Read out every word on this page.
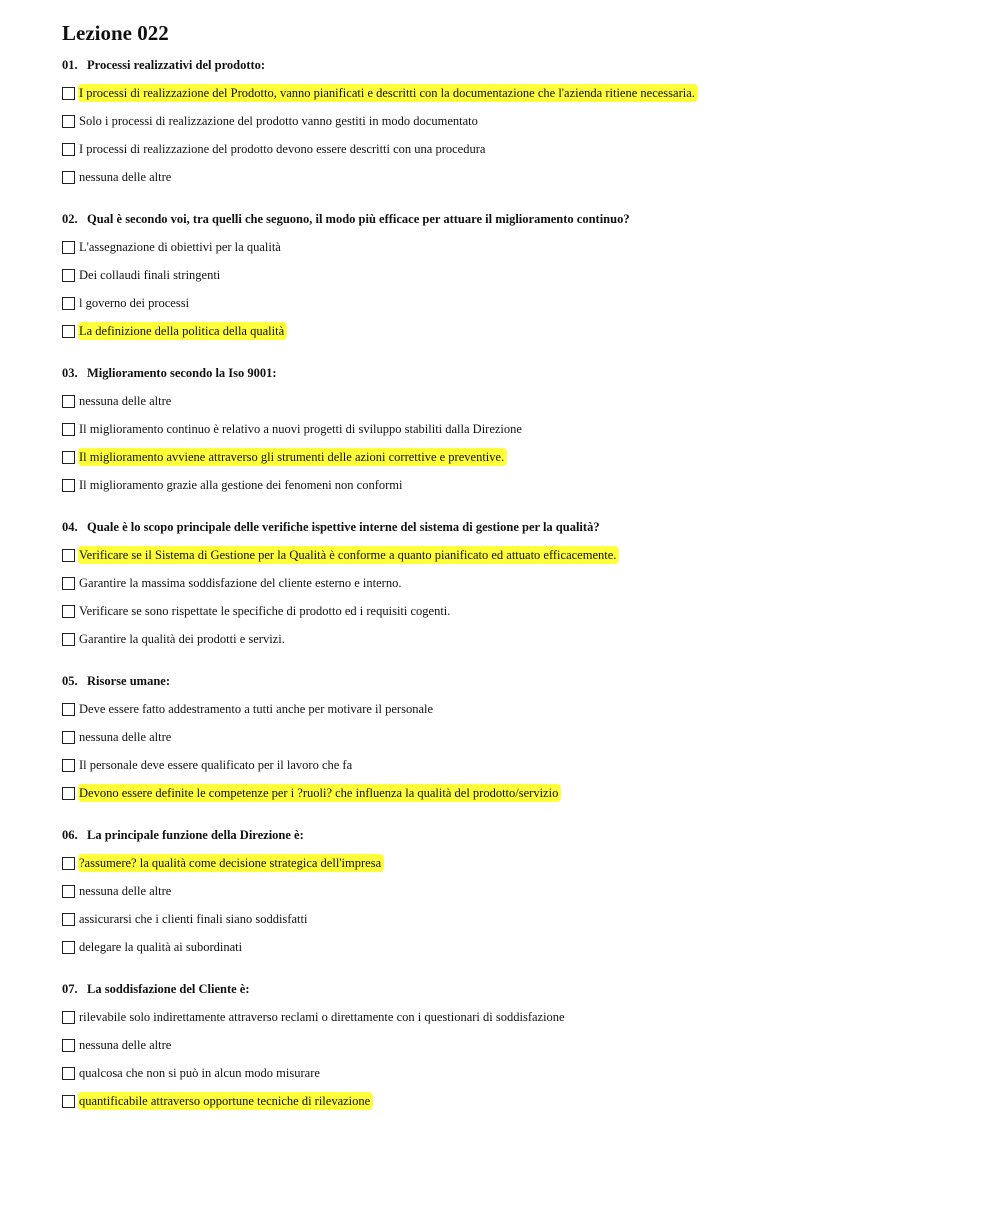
Lezione 022
01. Processi realizzativi del prodotto:
I processi di realizzazione del Prodotto, vanno pianificati e descritti con la documentazione che l'azienda ritiene necessaria.
Solo i processi di realizzazione del prodotto vanno gestiti in modo documentato
I processi di realizzazione del prodotto devono essere descritti con una procedura
nessuna delle altre
02. Qual è secondo voi, tra quelli che seguono, il modo più efficace per attuare il miglioramento continuo?
L'assegnazione di obiettivi per la qualità
Dei collaudi finali stringenti
l governo dei processi
La definizione della politica della qualità
03. Miglioramento secondo la Iso 9001:
nessuna delle altre
Il miglioramento continuo è relativo a nuovi progetti di sviluppo stabiliti dalla Direzione
Il miglioramento avviene attraverso gli strumenti delle azioni correttive e preventive.
Il miglioramento grazie alla gestione dei fenomeni non conformi
04. Quale è lo scopo principale delle verifiche ispettive interne del sistema di gestione per la qualità?
Verificare se il Sistema di Gestione per la Qualità è conforme a quanto pianificato ed attuato efficacemente.
Garantire la massima soddisfazione del cliente esterno e interno.
Verificare se sono rispettate le specifiche di prodotto ed i requisiti cogenti.
Garantire la qualità dei prodotti e servizi.
05. Risorse umane:
Deve essere fatto addestramento a tutti anche per motivare il personale
nessuna delle altre
Il personale deve essere qualificato per il lavoro che fa
Devono essere definite le competenze per i ?ruoli? che influenza la qualità del prodotto/servizio
06. La principale funzione della Direzione è:
?assumere? la qualità come decisione strategica dell'impresa
nessuna delle altre
assicurarsi che i clienti finali siano soddisfatti
delegare la qualità ai subordinati
07. La soddisfazione del Cliente è:
rilevabile solo indirettamente attraverso reclami o direttamente con i questionari di soddisfazione
nessuna delle altre
qualcosa che non si può in alcun modo misurare
quantificabile attraverso opportune tecniche di rilevazione
